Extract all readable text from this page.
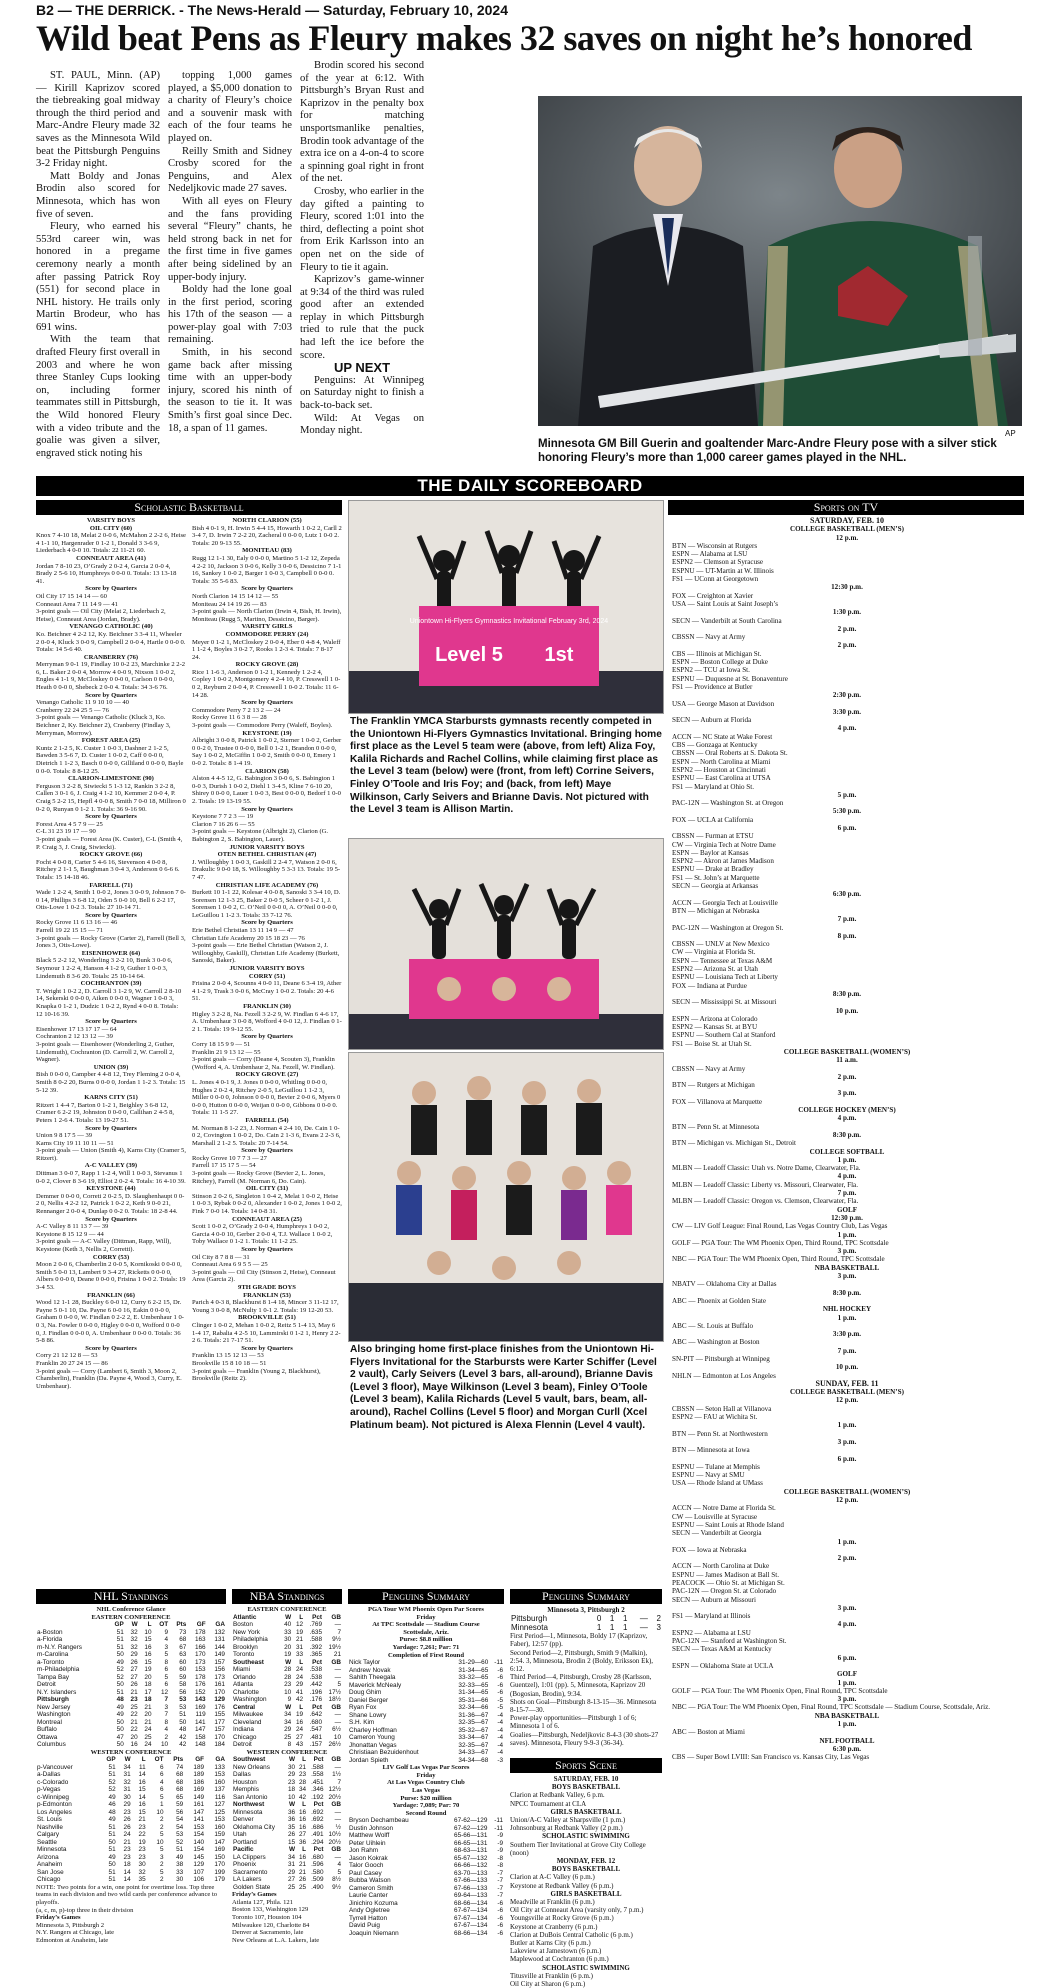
B2 — THE DERRICK. - The News-Herald — Saturday, February 10, 2024
Wild beat Pens as Fleury makes 32 saves on night he’s honored

ST. PAUL, Minn. (AP) — Kirill Kaprizov scored the tiebreaking goal midway through the third period and Marc-Andre Fleury made 32 saves as the Minnesota Wild beat the Pittsburgh Penguins 3-2 Friday night.

Matt Boldy and Jonas Brodin also scored for Minnesota, which has won five of seven.

Fleury, who earned his 553rd career win, was honored in a pregame ceremony nearly a month after passing Patrick Roy (551) for second place in NHL history. He trails only Martin Brodeur, who has 691 wins.

With the team that drafted Fleury first overall in 2003 and where he won three Stanley Cups looking on, including former teammates still in Pittsburgh, the Wild honored Fleury with a video tribute and the goalie was given a silver, engraved stick noting his

topping 1,000 games played, a $5,000 donation to a charity of Fleury’s choice and a souvenir mask with each of the four teams he played on.

Reilly Smith and Sidney Crosby scored for the Penguins, and Alex Nedeljkovic made 27 saves.

With all eyes on Fleury and the fans providing several “Fleury” chants, he held strong back in net for the first time in five games after being sidelined by an upper-body injury.

Boldy had the lone goal in the first period, scoring his 17th of the season — a power-play goal with 7:03 remaining.

Smith, in his second game back after missing time with an upper-body injury, scored his ninth of the season to tie it. It was Smith’s first goal since Dec. 18, a span of 11 games.

Brodin scored his second of the year at 6:12. With Pittsburgh’s Bryan Rust and Kaprizov in the penalty box for matching unsportsmanlike penalties, Brodin took advantage of the extra ice on a 4-on-4 to score a spinning goal right in front of the net.

Crosby, who earlier in the day gifted a painting to Fleury, scored 1:01 into the third, deflecting a point shot from Erik Karlsson into an open net on the side of Fleury to tie it again.

Kaprizov’s game-winner at 9:34 of the third was ruled good after an extended replay in which Pittsburgh tried to rule that the puck had left the ice before the score.

UP NEXT

Penguins: At Winnipeg on Saturday night to finish a back-to-back set.

Wild: At Vegas on Monday night.	AP
Minnesota GM Bill Guerin and goaltender Marc-Andre Fleury pose with a silver stick honoring Fleury’s more than 1,000 career games played in the NHL.
THE DAILY SCOREBOARD
Scholastic Basketball
VARSITY BOYS
OIL CITY (60)
Knox 7 4-10 18, Melat 2 0-0 6, McMahon 2 2-2 6, Heise 4 1-1 10, Hargenrader 0 1-2 1, Donald 3 3-6 9, Liederbach 4 0-0 10. Totals: 22 11-21 60.
CONNEAUT AREA (41)
Jordan 7 8-10 23, O’Grady 2 0-2 4, Garcia 2 0-0 4, Brady 2 5-6 10, Humphreys 0 0-0 0. Totals: 13 13-18 41.
Score by Quarters
Oil City 17 15 14 14 — 60
Conneaut Area 7 11 14 9 — 41
3-point goals — Oil City (Melat 2, Liederbach 2, Heise), Conneaut Area (Jordan, Brady).
VENANGO CATHOLIC (40)
Ko. Beichner 4 2-2 12, Ky. Beichner 3 3-4 11, Wheeler 2 0-0 4, Kluck 3 0-0 9, Campbell 2 0-0 4, Hartle 0 0-0 0. Totals: 14 5-6 40.
CRANBERRY (76)
Merryman 9 0-1 19, Findlay 10 0-2 23, Marchinke 2 2-2 6, L. Baker 2 0-0 4, Morrow 4 0-0 9, Nixson 1 0-0 2, Engles 4 1-1 9, McCloskey 0 0-0 0, Carlson 0 0-0 0, Heath 0 0-0 0, Shebeck 2 0-0 4. Totals: 34 3-6 76.
Score by Quarters
Venango Catholic 11 9 10 10 — 40
Cranberry 22 24 25 5 — 76
3-point goals — Venango Catholic (Kluck 3, Ko. Beichner 2, Ky. Beichner 2), Cranberry (Findlay 3, Merryman, Morrow).
FOREST AREA (25)
Kuntz 2 1-2 5, K. Custer 1 0-0 3, Dashner 2 1-2 5, Bawden 3 5-6 7, D. Custer 1 0-0 2, Caff 0 0-0 0, Dietrich 1 1-2 3, Basch 0 0-0 0, Gilliland 0 0-0 0, Bayle 0 0-0. Totals: 8 8-12 25.
CLARION-LIMESTONE (90)
Ferguson 3 2-2 8, Siwiecki 5 1-3 12, Rankin 3 2-2 8, Callen 3 0-1 6, J. Craig 4 1-2 10, Kemmer 2 0-0 4, P. Craig 5 2-2 15, Hepfl 4 0-0 8, Smith 7 0-0 18, Milliron 0 0-2 0, Runyan 0 1-2 1. Totals: 36 9-16 90.
Score by Quarters
Forest Area 4 5 7 9 — 25
C-L 31 23 19 17 — 90
3-point goals — Forest Area (K. Custer), C-L (Smith 4, P. Craig 3, J. Craig, Siwiecki).
ROCKY GROVE (66)
Focht 4 0-0 8, Carter 5 4-6 16, Stevenson 4 0-0 8, Ritchey 2 1-1 5, Baughman 3 0-4 3, Anderson 0 6-6 6. Totals: 15 14-18 46.
FARRELL (71)
Wade 1 2-2 4, Smith 1 0-0 2, Jones 3 0-0 9, Johnson 7 0-0 14, Phillips 3 6-8 12, Oden 5 0-0 10, Bell 6 2-2 17, Otis-Lowe 1 0-2 3. Totals: 27 10-14 71.
Score by Quarters
Rocky Grove 11 6 13 16 — 46
Farrell 19 22 15 15 — 71
3-point goals — Rocky Grove (Carter 2), Farrell (Bell 3, Jones 3, Otis-Lowe).
EISENHOWER (64)
Black 5 2-2 12, Wonderling 3 2-2 10, Bunk 3 0-0 6, Seymour 1 2-2 4, Hanson 4 1-2 9, Guther 1 0-0 3, Lindemuth 8 3-6 20. Totals: 25 10-14 64.
COCHRANTON (39)
T. Wright 1 0-2 2, D. Carroll 3 1-2 9, W. Carroll 2 8-10 14, Sekerski 0 0-0 0, Aiken 0 0-0 0, Wagner 1 0-0 3, Knapka 0 1-2 1, Dudzic 1 0-2 2, Rynd 4 0-0 8. Totals: 12 10-16 39.
Score by Quarters
Eisenhower 17 13 17 17 — 64
Cochranton 2 12 13 12 — 39
3-point goals — Eisenhower (Wonderling 2, Guther, Lindemuth), Cochranton (D. Carroll 2, W. Carroll 2, Wagner).
UNION (39)
Bish 0 0-0 0, Campber 4 4-8 12, Trey Fleming 2 0-0 4, Smith 8 0-2 20, Burns 0 0-0 0, Jordan 1 1-2 3. Totals: 15 5-12 39.
KARNS CITY (51)
Ritzert 1 4-4 7, Barton 0 1-2 1, Beighley 3 6-8 12, Cramer 6 2-2 19, Johnston 0 0-0 0, Callihan 2 4-5 8, Peters 1 2-6 4. Totals: 13 19-27 51.
Score by Quarters
Union 9 8 17 5 — 39
Karns City 19 11 10 11 — 51
3-point goals — Union (Smith 4), Karns City (Cramer 5, Ritzert).
A-C VALLEY (39)
Dittman 3 0-0 7, Rapp 1 1-2 4, Will 1 0-0 3, Stevanus 1 0-0 2, Clover 8 3-6 19, Elliot 2 0-2 4. Totals: 16 4-10 39.
KEYSTONE (44)
Demmer 0 0-0 0, Correti 2 0-2 5, D. Slaughenhaupt 0 0-2 0, Nellis 4 2-2 12, Patrick 1 0-2 2, Keth 9 0-0 21, Rennanger 2 0-0 4, Dunlap 0 0-2 0. Totals: 18 2-8 44.
Score by Quarters
A-C Valley 8 11 13 7 — 39
Keystone 8 15 12 9 — 44
3-point goals — A-C Valley (Dittman, Rapp, Will), Keystone (Keth 3, Nellis 2, Corretti).
CORRY (53)
Moon 2 0-0 6, Chamberlin 2 0-0 5, Kornikoski 0 0-0 0, Smith 5 0-0 13, Lambert 9 3-4 27, Ricketts 0 0-0 0, Albers 0 0-0 0, Deane 0 0-0 0, Frisina 1 0-0 2. Totals: 19 3-4 53.
FRANKLIN (66)
Wood 12 1-1 28, Buckley 6 0-0 12, Curry 6 2-2 15, Dr. Payne 5 0-1 10, Da. Payne 6 0-0 16, Eakin 0 0-0 0, Graham 0 0-0 0, W. Findlan 0 2-2 2, E. Umbenhaur 1 0-0 3, Na. Fowler 0 0-0 0, Higley 0 0-0 0, Wofford 0 0-0 0, J. Findlan 0 0-0 0, A. Umbenhaur 0 0-0 0. Totals: 36 5-8 86.
Score by Quarters
Corry 21 12 12 8 — 53
Franklin 20 27 24 15 — 86
3-point goals — Corry (Lambert 6, Smith 3, Moon 2, Chamberlin), Franklin (Da. Payne 4, Wood 3, Curry, E. Umbenhaur).
NORTH CLARION (55)
Bish 4 0-1 9, H. Irwin 5 4-4 15, Howarth 1 0-2 2, Carll 2 3-4 7, D. Irwin 7 2-2 20, Zacheral 0 0-0 0, Lutz 1 0-0 2. Totals: 20 9-13 55.
MONITEAU (83)
Rugg 12 1-1 30, Ealy 0 0-0 0, Martino 5 1-2 12, Zepeda 4 2-2 10, Jackson 3 0-0 6, Kelly 3 0-0 6, Dessicino 7 1-1 16, Sankey 1 0-0 2, Barger 1 0-0 3, Campbell 0 0-0 0. Totals: 35 5-6 83.
Score by Quarters
North Clarion 14 15 14 12 — 55
Moniteau 24 14 19 26 — 83
3-point goals — North Clarion (Irwin 4, Bish, H. Irwin), Moniteau (Rugg 5, Martino, Dessicino, Barger).
VARSITY GIRLS
COMMODORE PERRY (24)
Meyer 0 1-2 1, McCloskey 2 0-0 4, Eber 0 4-8 4, Waleff 1 1-2 4, Boyles 3 0-2 7, Rooks 1 2-3 4. Totals: 7 8-17 24.
ROCKY GROVE (28)
Rice 1 1-6 3, Anderson 0 1-2 1, Kennedy 1 2-2 4, Copley 1 0-0 2, Montgomery 4 2-4 10, P. Cresswell 1 0-0 2, Reyburn 2 0-0 4, P. Cresswell 1 0-0 2. Totals: 11 6-14 28.
Score by Quarters
Commodore Perry 7 2 13 2 — 24
Rocky Grove 11 6 3 8 — 28
3-point goals — Commodore Perry (Waleff, Boyles).
KEYSTONE (19)
Albright 3 0-0 8, Patrick 1 0-0 2, Sterner 1 0-0 2, Gerber 0 0-2 0, Trustee 0 0-0 0, Bell 0 1-2 1, Brandon 0 0-0 0, Say 1 0-0 2, McGiffin 1 0-0 2, Smith 0 0-0 0, Emery 1 0-0 2. Totals: 8 1-4 19.
CLARION (58)
Alston 4 4-5 12, G. Babington 3 0-0 6, S. Babington 1 0-0 3, Durish 1 0-0 2, Diehl 1 3-4 5, Kline 7 6-10 20, Shirey 0 0-0 0, Lauer 1 0-0 3, Best 0 0-0 0, Bedorf 1 0-0 2. Totals: 19 13-19 55.
Score by Quarters
Keystone 7 7 2 3 — 19
Clarion 7 16 26 6 — 55
3-point goals — Keystone (Albright 2), Clarion (G. Babington 2, S. Babington, Lauer).
JUNIOR VARSITY BOYS
OTEN BETHEL CHRISTIAN (47)
J. Willoughby 1 0-0 3, Gaskill 2 2-4 7, Watson 2 0-0 6, Drakulic 9 0-0 18, S. Willoughby 5 3-3 13. Totals: 19 5-7 47.
CHRISTIAN LIFE ACADEMY (76)
Burkett 10 1-1 22, Kolesar 4 0-0 8, Sanoski 3 3-4 10, D. Sorensen 12 1-3 25, Baker 2 0-0 5, Scheer 0 1-2 1, J. Sorensen 1 0-0 2, C. O’Neil 0 0-0 0, A. O’Neil 0 0-0 0, LeGuillou 1 1-2 3. Totals: 33 7-12 76.
Score by Quarters
Erie Bethel Christian 13 11 14 9 — 47
Christian Life Academy 20 15 18 23 — 76
3-point goals — Erie Bethel Christian (Watson 2, J. Willoughby, Gaskill), Christian Life Academy (Burkett, Sanoski, Baker).
JUNIOR VARSITY BOYS
CORRY (51)
Frisina 2 0-0 4, Scounns 4 0-0 11, Deane 6 3-4 19, Ather 4 1-2 9, Trask 3 0-0 6, McCray 1 0-0 2. Totals: 20 4-6 51.
FRANKLIN (30)
Higley 3 2-2 8, Na. Fezell 3 2-2 9, W. Findlan 6 4-6 17, A. Umbenhaur 3 0-0 8, Wofford 4 0-0 12, J. Findlan 0 1-2 1. Totals: 19 9-12 55.
Score by Quarters
Corry 18 15 9 9 — 51
Franklin 21 9 13 12 — 55
3-point goals — Corry (Deane 4, Scouten 3), Franklin (Wofford 4, A. Umbenhaur 2, Na. Fezell, W. Findlan).
ROCKY GROVE (27)
L. Jones 4 0-1 9, J. Jones 0 0-0 0, Whitling 0 0-0 0, Hughes 2 0-2 4, Ritchey 2-0 5, LeGuillou 1 1-2 3, Miller 0 0-0 0, Johnson 0 0-0 0, Bevier 2 0-0 6, Myers 0 0-0 0, Hutton 0 0-0 0, Weijan 0 0-0 0, Gibbons 0 0-0 0. Totals: 11 1-5 27.
FARRELL (54)
M. Norman 8 1-2 23, J. Norman 4 2-4 10, De. Cain 1 0-0 2, Covington 1 0-0 2, Do. Cain 2 1-3 6, Evans 2 2-3 6, Marshall 2 1-2 5. Totals: 20 7-14 54.
Score by Quarters
Rocky Grove 10 7 7 3 — 27
Farrell 17 15 17 5 — 54
3-point goals — Rocky Grove (Bevier 2, L. Jones, Ritchey), Farrell (M. Norman 6, Do. Cain).
OIL CITY (31)
Stinson 2 0-2 6, Singleton 1 0-4 2, Melat 1 0-0 2, Heise 1 0-0 3, Rybak 0 0-2 0, Alexander 1 0-0 2, Jones 1 0-0 2, Fink 7 0-0 14. Totals: 14 0-8 31.
CONNEAUT AREA (25)
Scott 1 0-0 2, O’Grady 2 0-0 4, Humphreys 1 0-0 2, Garcia 4 0-0 10, Gerber 2 0-0 4, T.J. Wallace 1 0-0 2, Toby Wallace 0 1-2 1. Totals: 11 1-2 25.
Score by Quarters
Oil City 8 7 8 8 — 31
Conneaut Area 6 9 5 5 — 25
3-point goals — Oil City (Stinson 2, Heise), Conneaut Area (Garcia 2).
9TH GRADE BOYS
FRANKLIN (53)
Parich 4 0-3 8, Blackhurst 8 1-4 18, Mincer 3 11-12 17, Young 3 0-0 8, McNulty 1 0-1 2. Totals: 19 12-20 53.
BROOKVILLE (51)
Clinger 1 0-0 2, Mehan 1 0-0 2, Reitz 5 1-4 13, May 6 1-4 17, Rabalia 4 2-5 10, Lammirski 0 1-2 1, Henry 2 2-2 6. Totals: 21 7-17 51.
Score by Quarters
Franklin 13 15 12 13 — 53
Brookville 15 8 10 18 — 51
3-point goals — Franklin (Young 2, Blackhurst), Brookville (Reitz 2).
Uniontown Hi-Flyers Gymnastics Invitational February 3rd, 2024
Level 5 1st
The Franklin YMCA Starbursts gymnasts recently competed in the Uniontown Hi-Flyers Gymnastics Invitational. Bringing home first place as the Level 5 team were (above, from left) Aliza Foy, Kalila Richards and Rachel Collins, while claiming first place as the Level 3 team (below) were (front, from left) Corrine Seivers, Finley O’Toole and Iris Foy; and (back, from left) Maye Wilkinson, Carly Seivers and Brianne Davis. Not pictured with the Level 3 team is Allison Martin.
Also bringing home first-place finishes from the Uniontown Hi-Flyers Invitational for the Starbursts were Karter Schiffer (Level 2 vault), Carly Seivers (Level 3 bars, all-around), Brianne Davis (Level 3 floor), Maye Wilkinson (Level 3 beam), Finley O’Toole (Level 3 beam), Kalila Richards (Level 5 vault, bars, beam, all-around), Rachel Collins (Level 5 floor) and Morgan Curll (Xcel Platinum beam). Not pictured is Alexa Flennin (Level 4 vault).
Sports on TV
SATURDAY, FEB. 10
COLLEGE BASKETBALL (MEN’S)
12 p.m.
BTN — Wisconsin at Rutgers
ESPN — Alabama at LSU
ESPN2 — Clemson at Syracuse
ESPNU — UT-Martin at W. Illinois
FS1 — UConn at Georgetown
12:30 p.m.
FOX — Creighton at Xavier
USA — Saint Louis at Saint Joseph’s
1:30 p.m.
SECN — Vanderbilt at South Carolina
2 p.m.
CBSSN — Navy at Army
2 p.m.
CBS — Illinois at Michigan St.
ESPN — Boston College at Duke
ESPN2 — TCU at Iowa St.
ESPNU — Duquesne at St. Bonaventure
FS1 — Providence at Butler
2:30 p.m.
USA — George Mason at Davidson
3:30 p.m.
SECN — Auburn at Florida
4 p.m.
ACCN — NC State at Wake Forest
CBS — Gonzaga at Kentucky
CBSSN — Oral Roberts at S. Dakota St.
ESPN — North Carolina at Miami
ESPN2 — Houston at Cincinnati
ESPNU — East Carolina at UTSA
FS1 — Maryland at Ohio St.
5 p.m.
PAC-12N — Washington St. at Oregon
5:30 p.m.
FOX — UCLA at California
6 p.m.
CBSSN — Furman at ETSU
CW — Virginia Tech at Notre Dame
ESPN — Baylor at Kansas
ESPN2 — Akron at James Madison
ESPNU — Drake at Bradley
FS1 — St. John’s at Marquette
SECN — Georgia at Arkansas
6:30 p.m.
ACCN — Georgia Tech at Louisville
BTN — Michigan at Nebraska
7 p.m.
PAC-12N — Washington at Oregon St.
8 p.m.
CBSSN — UNLV at New Mexico
CW — Virginia at Florida St.
ESPN — Tennessee at Texas A&M
ESPN2 — Arizona St. at Utah
ESPNU — Louisiana Tech at Liberty
FOX — Indiana at Purdue
8:30 p.m.
SECN — Mississippi St. at Missouri
10 p.m.
ESPN — Arizona at Colorado
ESPN2 — Kansas St. at BYU
ESPNU — Southern Cal at Stanford
FS1 — Boise St. at Utah St.
COLLEGE BASKETBALL (WOMEN’S)
11 a.m.
CBSSN — Navy at Army
2 p.m.
BTN — Rutgers at Michigan
3 p.m.
FOX — Villanova at Marquette
COLLEGE HOCKEY (MEN’S)
4 p.m.
BTN — Penn St. at Minnesota
8:30 p.m.
BTN — Michigan vs. Michigan St., Detroit
COLLEGE SOFTBALL
1 p.m.
MLBN — Leadoff Classic: Utah vs. Notre Dame, Clearwater, Fla.
4 p.m.
MLBN — Leadoff Classic: Liberty vs. Missouri, Clearwater, Fla.
7 p.m.
MLBN — Leadoff Classic: Oregon vs. Clemson, Clearwater, Fla.
GOLF
12:30 p.m.
CW — LIV Golf League: Final Round, Las Vegas Country Club, Las Vegas
1 p.m.
GOLF — PGA Tour: The WM Phoenix Open, Third Round, TPC Scottsdale
3 p.m.
NBC — PGA Tour: The WM Phoenix Open, Third Round, TPC Scottsdale
NBA BASKETBALL
3 p.m.
NBATV — Oklahoma City at Dallas
8:30 p.m.
ABC — Phoenix at Golden State
NHL HOCKEY
1 p.m.
ABC — St. Louis at Buffalo
3:30 p.m.
ABC — Washington at Boston
7 p.m.
SN-PIT — Pittsburgh at Winnipeg
10 p.m.
NHLN — Edmonton at Los Angeles
SUNDAY, FEB. 11
COLLEGE BASKETBALL (MEN’S)
12 p.m.
CBSSN — Seton Hall at Villanova
ESPN2 — FAU at Wichita St.
1 p.m.
BTN — Penn St. at Northwestern
3 p.m.
BTN — Minnesota at Iowa
6 p.m.
ESPNU — Tulane at Memphis
ESPNU — Navy at SMU
USA — Rhode Island at UMass
COLLEGE BASKETBALL (WOMEN’S)
12 p.m.
ACCN — Notre Dame at Florida St.
CW — Louisville at Syracuse
ESPNU — Saint Louis at Rhode Island
SECN — Vanderbilt at Georgia
1 p.m.
FOX — Iowa at Nebraska
2 p.m.
ACCN — North Carolina at Duke
ESPNU — James Madison at Ball St.
PEACOCK — Ohio St. at Michigan St.
PAC-12N — Oregon St. at Colorado
SECN — Auburn at Missouri
3 p.m.
FS1 — Maryland at Illinois
4 p.m.
ESPN2 — Alabama at LSU
PAC-12N — Stanford at Washington St.
SECN — Texas A&M at Kentucky
6 p.m.
ESPN — Oklahoma State at UCLA
GOLF
1 p.m.
GOLF — PGA Tour: The WM Phoenix Open, Final Round, TPC Scottsdale
3 p.m.
NBC — PGA Tour: The WM Phoenix Open, Final Round, TPC Scottsdale — Stadium Course, Scottsdale, Ariz.
NBA BASKETBALL
1 p.m.
ABC — Boston at Miami
NFL FOOTBALL
6:30 p.m.
CBS — Super Bowl LVIII: San Francisco vs. Kansas City, Las Vegas
NHL Standings
NHL Conference Glance
EASTERN CONFERENCE
	GP	W	L	OT	Pts	GF	GA
a-Boston	51	32	10	9	73	178	132
a-Florida	51	32	15	4	68	163	131
m-N.Y. Rangers	51	32	16	3	67	166	144
m-Carolina	50	29	16	5	63	170	149
a-Toronto	49	26	15	8	60	173	157
m-Philadelphia	52	27	19	6	60	153	156
Tampa Bay	52	27	20	5	59	178	173
Detroit	50	26	18	6	58	176	161
N.Y. Islanders	51	21	17	12	56	152	170
Pittsburgh	48	23	18	7	53	143	129
New Jersey	49	25	21	3	53	169	176
Washington	49	22	20	7	51	119	155
Montreal	50	21	21	8	50	141	177
Buffalo	50	22	24	4	48	147	157
Ottawa	47	20	25	2	42	158	170
Columbus	50	16	24	10	42	148	184
WESTERN CONFERENCE
	GP	W	L	OT	Pts	GF	GA
p-Vancouver	51	34	11	6	74	189	133
a-Dallas	51	31	14	6	68	189	153
c-Colorado	52	32	16	4	68	186	160
p-Vegas	52	31	15	6	68	169	137
c-Winnipeg	49	30	14	5	65	149	116
p-Edmonton	46	29	16	1	59	161	127
Los Angeles	48	23	15	10	56	147	125
St. Louis	49	26	21	2	54	141	153
Nashville	51	26	23	2	54	153	160
Calgary	51	24	22	5	53	154	159
Seattle	50	21	19	10	52	140	147
Minnesota	51	23	23	5	51	154	169
Arizona	49	23	23	3	49	145	150
Anaheim	50	18	30	2	38	129	170
San Jose	51	14	32	5	33	107	199
Chicago	51	14	35	2	30	106	179
NOTE: Two points for a win, one point for overtime loss. Top three teams in each division and two wild cards per conference advance to playoffs.
(a, c, m, p)-top three in their division
Friday’s Games
Minnesota 3, Pittsburgh 2
N.Y. Rangers at Chicago, late
Edmonton at Anaheim, late
NBA Standings
EASTERN CONFERENCE
Atlantic	W	L	Pct	GB
Boston	40	12	.769	—
New York	33	19	.635	7
Philadelphia	30	21	.588	9½
Brooklyn	20	31	.392	19½
Toronto	19	33	.365	21
Southeast	W	L	Pct	GB
Miami	28	24	.538	—
Orlando	28	24	.538	—
Atlanta	23	29	.442	5
Charlotte	10	41	.196	17½
Washington	9	42	.176	18½
Central	W	L	Pct	GB
Milwaukee	34	19	.642	—
Cleveland	34	16	.680	—
Indiana	29	24	.547	6½
Chicago	25	27	.481	10
Detroit	8	43	.157	26½
WESTERN CONFERENCE
Southwest	W	L	Pct	GB
New Orleans	30	21	.588	—
Dallas	29	23	.558	1½
Houston	23	28	.451	7
Memphis	18	34	.346	12½
San Antonio	10	42	.192	20½
Northwest	W	L	Pct	GB
Minnesota	36	16	.692	—
Denver	36	16	.692	—
Oklahoma City	35	16	.686	½
Utah	26	27	.491	10½
Portland	15	36	.294	20½
Pacific	W	L	Pct	GB
LA Clippers	34	16	.680	—
Phoenix	31	21	.596	4
Sacramento	29	21	.580	5
LA Lakers	27	26	.509	8½
Golden State	25	25	.490	9½
Friday’s Games
Atlanta 127, Phila. 121
Boston 133, Washington 129
Toronto 107, Houston 104
Milwaukee 120, Charlotte 84
Denver at Sacramento, late
New Orleans at L.A. Lakers, late
Penguins Summary
PGA Tour WM Phoenix Open Par Scores
Friday
At TPC Scottsdale — Stadium Course
Scottsdale, Ariz.
Purse: $8.8 million
Yardage: 7,261; Par: 71
Completion of First Round
Nick Taylor	31-29—60	-11
Andrew Novak	31-34—65	-6
Sahith Theegala	33-32—65	-6
Maverick McNealy	32-33—65	-6
Doug Ghim	31-34—65	-6
Daniel Berger	35-31—66	-5
Ryan Fox	32-34—66	-5
Shane Lowry	31-36—67	-4
S.H. Kim	32-35—67	-4
Charley Hoffman	35-32—67	-4
Cameron Young	33-34—67	-4
Jhonattan Vegas	32-35—67	-4
Christiaan Bezuidenhout	34-33—67	-4
Jordan Spieth	34-34—68	-3
LIV Golf Las Vegas Par Scores
Friday
At Las Vegas Country Club
Las Vegas
Purse: $20 million
Yardage: 7,089; Par: 70
Second Round
Bryson Dechambeau	67-62—129	-11
Dustin Johnson	67-62—129	-11
Matthew Wolff	65-66—131	-9
Peter Uihlein	66-65—131	-9
Jon Rahm	68-63—131	-9
Jason Kokrak	65-67—132	-8
Talor Gooch	66-66—132	-8
Paul Casey	63-70—133	-7
Bubba Watson	67-66—133	-7
Cameron Smith	67-66—133	-7
Laurie Canter	69-64—133	-7
Jinichiro Kozuma	68-66—134	-6
Andy Ogletree	67-67—134	-6
Tyrrell Hatton	67-67—134	-6
David Puig	67-67—134	-6
Joaquin Niemann	68-66—134	-6
Penguins Summary
Minnesota 3, Pittsburgh 2
Pittsburgh	0	1	1	—	2
Minnesota	1	1	1	—	3
First Period—1, Minnesota, Boldy 17 (Kaprizov, Faber), 12:57 (pp).
Second Period—2, Pittsburgh, Smith 9 (Malkin), 2:54. 3, Minnesota, Brodin 2 (Boldy, Eriksson Ek), 6:12.
Third Period—4, Pittsburgh, Crosby 28 (Karlsson, Guentzel), 1:01 (pp). 5, Minnesota, Kaprizov 20 (Bogosian, Brodin), 9:34.
Shots on Goal—Pittsburgh 8-13-15—36. Minnesota 8-15-7—30.
Power-play opportunities—Pittsburgh 1 of 6; Minnesota 1 of 6.
Goalies—Pittsburgh, Nedeljkovic 8-4-3 (30 shots-27 saves). Minnesota, Fleury 9-9-3 (36-34).
Sports Scene
SATURDAY, FEB. 10
BOYS BASKETBALL
Clarion at Redbank Valley, 6 p.m.
NPCC Tournament at CLA
GIRLS BASKETBALL
Union/A-C Valley at Sharpsville (1 p.m.)
Johnsonburg at Redbank Valley (2 p.m.)
SCHOLASTIC SWIMMING
Southern Tier Invitational at Grove City College (noon)
MONDAY, FEB. 12
BOYS BASKETBALL
Clarion at A-C Valley (6 p.m.)
Keystone at Redbank Valley (6 p.m.)
GIRLS BASKETBALL
Meadville at Franklin (6 p.m.)
Oil City at Conneaut Area (varsity only, 7 p.m.)
Youngsville at Rocky Grove (6 p.m.)
Keystone at Cranberry (6 p.m.)
Clarion at DuBois Central Catholic (6 p.m.)
Butler at Karns City (6 p.m.)
Lakeview at Jamestown (6 p.m.)
Maplewood at Cochranton (6 p.m.)
SCHOLASTIC SWIMMING
Titusville at Franklin (6 p.m.)
Oil City at Sharon (6 p.m.)
